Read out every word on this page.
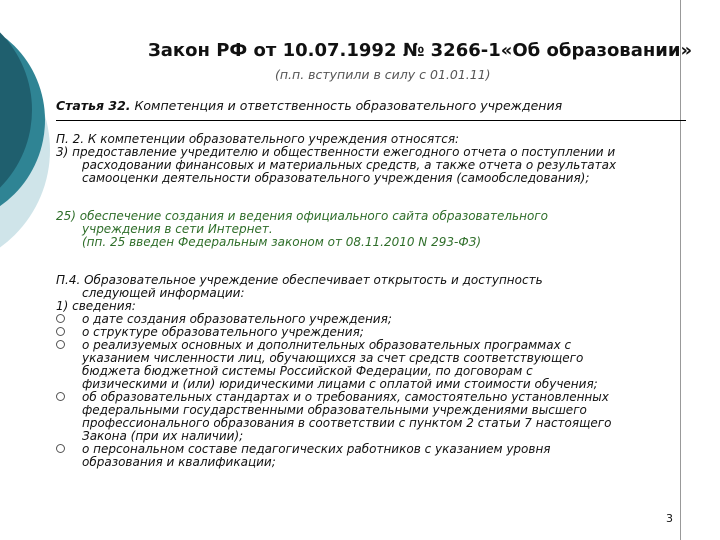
Закон РФ от 10.07.1992 № 3266-1«Об образовании»
(п.п. вступили в силу с 01.01.11)
Статья 32. Компетенция и ответственность образовательного учреждения
П. 2. К компетенции образовательного учреждения относятся:
3) предоставление учредителю и общественности ежегодного отчета о поступлении и
расходовании финансовых и материальных средств, а также отчета о результатах
самооценки деятельности образовательного учреждения (самообследования);
25) обеспечение создания и ведения официального сайта образовательного
учреждения в сети Интернет.
(пп. 25 введен Федеральным законом от 08.11.2010 N 293-ФЗ)
П.4. Образовательное учреждение обеспечивает открытость и доступность
следующей информации:
1) сведения:
о дате создания образовательного учреждения;
о структуре образовательного учреждения;
о реализуемых основных и дополнительных образовательных программах с
указанием численности лиц, обучающихся за счет средств соответствующего
бюджета бюджетной системы Российской Федерации, по договорам с
физическими и (или) юридическими лицами с оплатой ими стоимости обучения;
об образовательных стандартах и о требованиях, самостоятельно установленных
федеральными государственными образовательными учреждениями высшего
профессионального образования в соответствии с пунктом 2 статьи 7 настоящего
Закона (при их наличии);
о персональном составе педагогических работников с указанием уровня
образования и квалификации;
3
